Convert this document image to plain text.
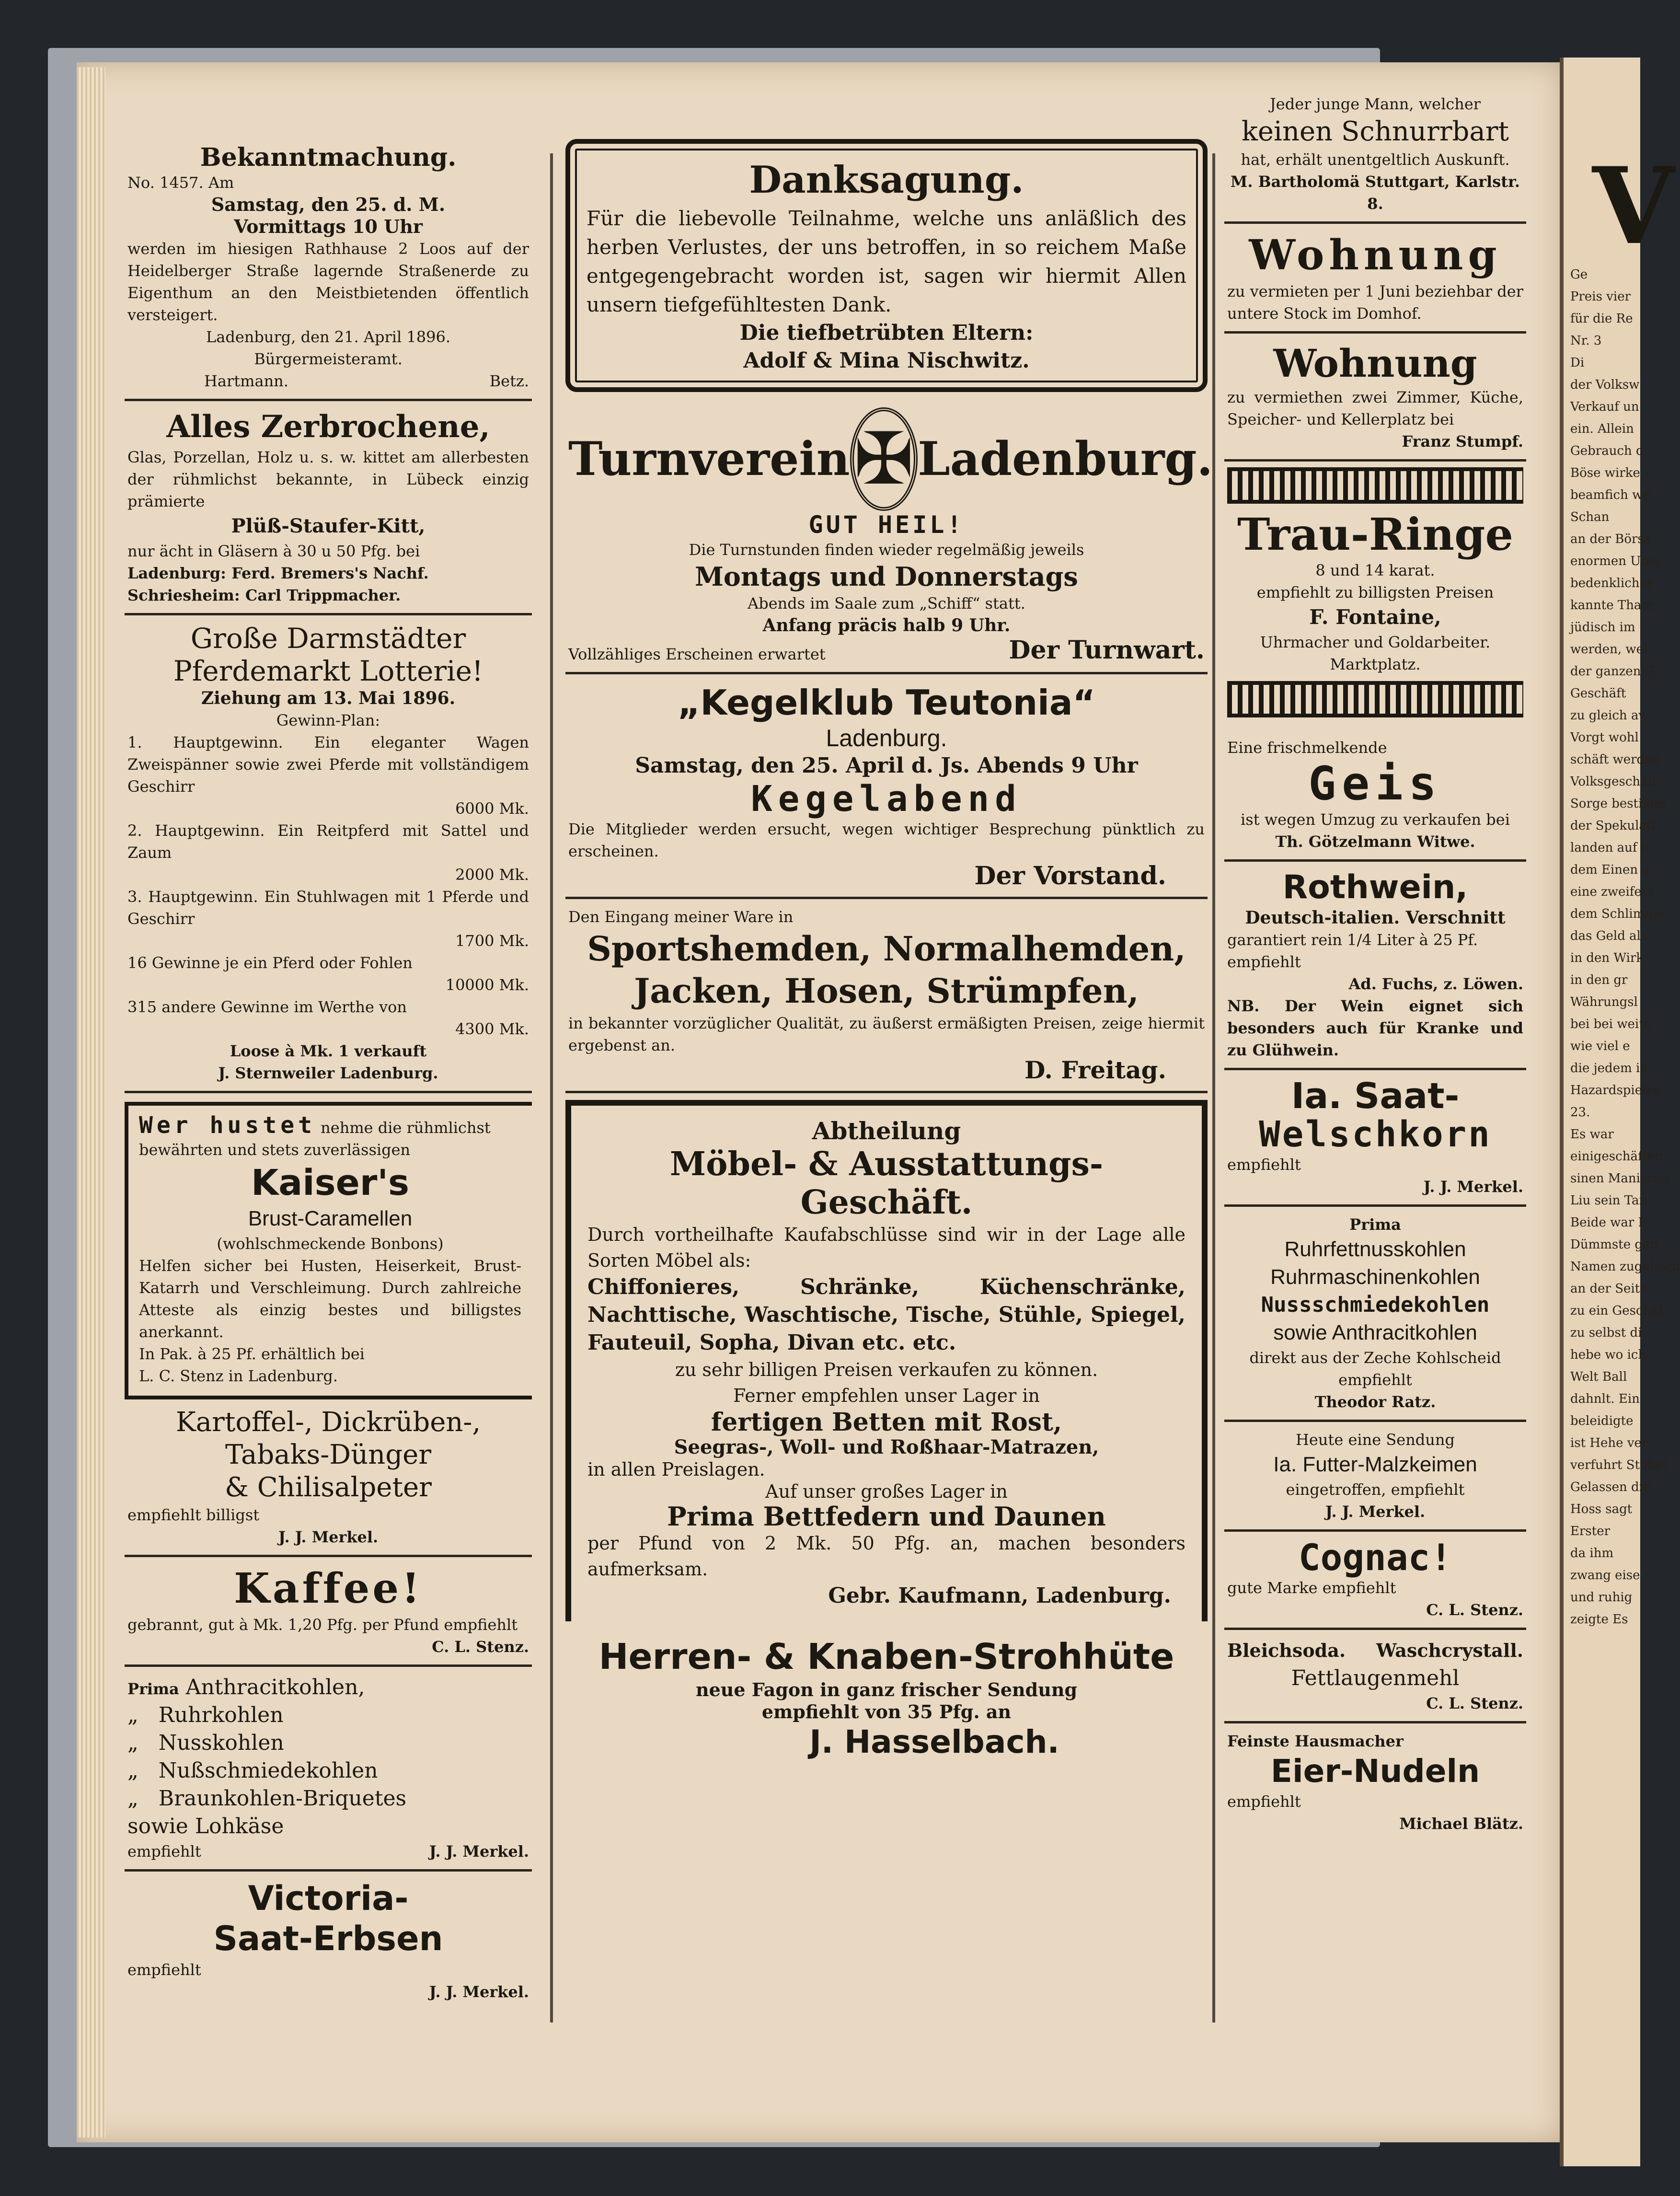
V
Ge
Preis vier
für die Re
Nr. 3
Di
der Volksw
Verkauf un
ein. Allein
Gebrauch d
Böse wirke
beamfich we
Schan
an der Börse
enormen Ume
bedenklicher
kannte Thate
jüdisch im
werden, wel
der ganzen G
Geschäft
zu gleich av
Vorgt wohl
schäft werden
Volksgeschäft
Sorge bestimm
der Spekulati
landen auf b
dem Einen g
eine zweifelh
dem Schlimme
das Geld als
in den Wirk
in den gr
Währungsl
bei bei weite
wie viel e
die jedem in
Hazardspieler.
23.
Es war
einigeschäften
sinen Manieren
Liu sein Tan
Beide war B
Dümmste geb
Namen zugehoch
an der Seite
zu ein Geschäf
zu selbst di
hebe wo ich
Welt Ball
dahnlt. Ein
beleidigte
ist Hehe ver
verfuhrt Stube!
Gelassen die
Hoss sagt
Erster
da ihm
zwang eise
und ruhig
zeigte Es
Bekanntmachung.
No. 1457. Am
Samstag, den 25. d. M.
Vormittags 10 Uhr
werden im hiesigen Rathhause 2 Loos auf der Heidelberger Straße lagernde Straßenerde zu Eigenthum an den Meistbietenden öffentlich versteigert.
Ladenburg, den 21. April 1896.
Bürgermeisteramt.
Hartmann.	Betz.
Alles Zerbrochene,
Glas, Porzellan, Holz u. s. w. kittet am allerbesten der rühmlichst bekannte, in Lübeck einzig prämierte
Plüß-Staufer-Kitt,
nur ächt in Gläsern à 30 u 50 Pfg. bei
Ladenburg: Ferd. Bremers's Nachf.
Schriesheim: Carl Trippmacher.
Große Darmstädter
Pferdemarkt Lotterie!
Ziehung am 13. Mai 1896.
Gewinn-Plan:
1. Hauptgewinn. Ein eleganter Wagen Zweispänner sowie zwei Pferde mit vollständigem Geschirr
6000 Mk.
2. Hauptgewinn. Ein Reitpferd mit Sattel und Zaum
2000 Mk.
3. Hauptgewinn. Ein Stuhlwagen mit 1 Pferde und Geschirr
1700 Mk.
16 Gewinne je ein Pferd oder Fohlen
10000 Mk.
315 andere Gewinne im Werthe von
4300 Mk.
Loose à Mk. 1 verkauft
J. Sternweiler Ladenburg.
Wer hustet nehme die rühmlichst bewährten und stets zuverlässigen
Kaiser's
Brust-Caramellen
(wohlschmeckende Bonbons)
Helfen sicher bei Husten, Heiserkeit, Brust-Katarrh und Verschleimung. Durch zahlreiche Atteste als einzig bestes und billigstes anerkannt.
In Pak. à 25 Pf. erhältlich bei
L. C. Stenz in Ladenburg.
Kartoffel-, Dickrüben-,
Tabaks-Dünger
& Chilisalpeter
empfiehlt billigst
J. J. Merkel.
Kaffee!
gebrannt, gut à Mk. 1,20 Pfg. per Pfund empfiehlt
C. L. Stenz.
Prima Anthracitkohlen,
„ Ruhrkohlen
„ Nusskohlen
„ Nußschmiedekohlen
„ Braunkohlen-Briquetes
sowie Lohkäse
empfiehlt	J. J. Merkel.
Victoria-
Saat-Erbsen
empfiehlt
J. J. Merkel.
Danksagung.
Für die liebevolle Teilnahme, welche uns anläßlich des herben Verlustes, der uns betroffen, in so reichem Maße entgegengebracht worden ist, sagen wir hiermit Allen unsern tiefgefühltesten Dank.
Die tiefbetrübten Eltern:
Adolf & Mina Nischwitz.
Turnverein ✠ Ladenburg.
GUT HEIL!
Die Turnstunden finden wieder regelmäßig jeweils
Montags und Donnerstags
Abends im Saale zum „Schiff“ statt.
Anfang präcis halb 9 Uhr.
Vollzähliges Erscheinen erwartet	Der Turnwart.
„Kegelklub Teutonia“
Ladenburg.
Samstag, den 25. April d. Js. Abends 9 Uhr
Kegelabend
Die Mitglieder werden ersucht, wegen wichtiger Besprechung pünktlich zu erscheinen.
Der Vorstand.
Den Eingang meiner Ware in
Sportshemden, Normalhemden,
Jacken, Hosen, Strümpfen,
in bekannter vorzüglicher Qualität, zu äußerst ermäßigten Preisen, zeige hiermit ergebenst an.
D. Freitag.
Abtheilung
Möbel- & Ausstattungs-Geschäft.
Durch vortheilhafte Kaufabschlüsse sind wir in der Lage alle Sorten Möbel als:
Chiffonieres, Schränke, Küchenschränke, Nachttische, Waschtische, Tische, Stühle, Spiegel, Fauteuil, Sopha, Divan etc. etc.
zu sehr billigen Preisen verkaufen zu können.
Ferner empfehlen unser Lager in
fertigen Betten mit Rost,
Seegras-, Woll- und Roßhaar-Matrazen,
in allen Preislagen.
Auf unser großes Lager in
Prima Bettfedern und Daunen
per Pfund von 2 Mk. 50 Pfg. an, machen besonders aufmerksam.
Gebr. Kaufmann, Ladenburg.
Herren- & Knaben-Strohhüte
neue Fagon in ganz frischer Sendung
empfiehlt von 35 Pfg. an
J. Hasselbach.
Jeder junge Mann, welcher
keinen Schnurrbart
hat, erhält unentgeltlich Auskunft.
M. Bartholomä Stuttgart, Karlstr. 8.
Wohnung
zu vermieten per 1 Juni beziehbar der untere Stock im Domhof.
Wohnung
zu vermiethen zwei Zimmer, Küche, Speicher- und Kellerplatz bei
Franz Stumpf.
Trau-Ringe
8 und 14 karat.
empfiehlt zu billigsten Preisen
F. Fontaine,
Uhrmacher und Goldarbeiter.
Marktplatz.
Eine frischmelkende
Geis
ist wegen Umzug zu verkaufen bei
Th. Götzelmann Witwe.
Rothwein,
Deutsch-italien. Verschnitt
garantiert rein 1/4 Liter à 25 Pf. empfiehlt
Ad. Fuchs, z. Löwen.
NB. Der Wein eignet sich besonders auch für Kranke und zu Glühwein.
Ia. Saat-
Welschkorn
empfiehlt
J. J. Merkel.
Prima
Ruhrfettnusskohlen
Ruhrmaschinenkohlen
Nussschmiedekohlen
sowie Anthracitkohlen
direkt aus der Zeche Kohlscheid empfiehlt
Theodor Ratz.
Heute eine Sendung
Ia. Futter-Malzkeimen
eingetroffen, empfiehlt
J. J. Merkel.
Cognac!
gute Marke empfiehlt
C. L. Stenz.
Bleichsoda. Waschcrystall.
Fettlaugenmehl
C. L. Stenz.
Feinste Hausmacher
Eier-Nudeln
empfiehlt
Michael Blätz.
